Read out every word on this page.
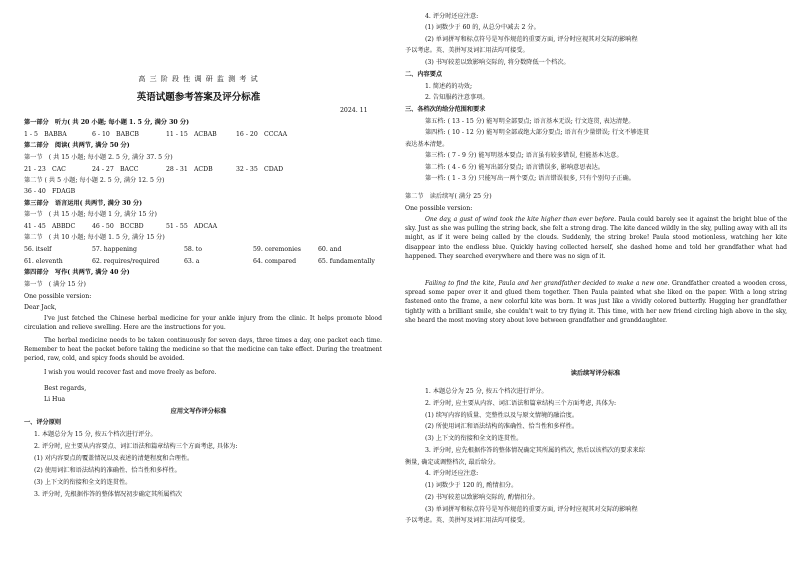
高 三 阶 段 性 调 研 监 测 考 试
英语试题参考答案及评分标准
2024. 11
第一部分　听力( 共 20 小题; 每小题 1. 5 分, 满分 30 分)
1 - 5　BABBA	6 - 10　BABCB	11 - 15　ACBAB	16 - 20　CCCAA
第二部分　阅读( 共两节, 满分 50 分)
第一节　( 共 15 小题; 每小题 2. 5 分, 满分 37. 5 分)
21 - 23　CAC	24 - 27　BACC	28 - 31　ACDB	32 - 35　CDAD
第二节 ( 共 5 小题; 每小题 2. 5 分, 满分 12. 5 分)
36 - 40　FDAGB
第三部分　语言运用( 共两节, 满分 30 分)
第一节　( 共 15 小题; 每小题 1 分, 满分 15 分)
41 - 45　ABBDC	46 - 50　BCCBD	51 - 55　ADCAA
第二节　( 共 10 小题; 每小题 1. 5 分, 满分 15 分)
56. itself	57. happening	58. to	59. ceremonies	60. and
61. eleventh	62. requires/required	63. a	64. compared	65. fundamentally
第四部分　写作( 共两节, 满分 40 分)
第一节　( 满分 15 分)
One possible version:
Dear Jack,
I've just fetched the Chinese herbal medicine for your ankle injury from the clinic. It helps promote blood circulation and relieve swelling. Here are the instructions for you.
The herbal medicine needs to be taken continuously for seven days, three times a day, one packet each time. Remember to heat the packet before taking the medicine so that the medicine can take effect. During the treatment period, raw, cold, and spicy foods should be avoided.
I wish you would recover fast and move freely as before.
Best regards,
Li Hua
应用文写作评分标准
一、评分原则
1. 本题总分为 15 分, 按五个档次进行评分。
2. 评分时, 应主要从内容要点、词汇语法和篇章结构三个方面考虑, 具体为:
(1) 对内容要点的覆盖情况以及表述的清楚程度和合理性。
(2) 使用词汇和语法结构的准确性、恰当性和多样性。
(3) 上下文的衔接和全文的连贯性。
3. 评分时, 先根据作答的整体情况初步确定其所属档次
4. 评分时还应注意:
(1) 词数少于 60 的, 从总分中减去 2 分。
(2) 单词拼写和标点符号是写作规范的重要方面, 评分时应视其对交际的影响程
予以考虑。英、美拼写及词汇用法均可接受。
(3) 书写较差以致影响交际的, 将分数降低一个档次。
二、内容要点
1. 简述药的功效;
2. 告知服药注意事项。
三、各档次的给分范围和要求
第五档: ( 13 - 15 分) 能写明全部要点; 语言基本无误; 行文连贯, 表达清楚。
第四档: ( 10 - 12 分) 能写明全部或绝大部分要点; 语言有少量错误; 行文不够连贯
表达基本清楚。
第三档: ( 7 - 9 分) 能写明基本要点; 语言虽有较多错误, 但能基本达意。
第二档: ( 4 - 6 分) 能写出部分要点; 语言错误多, 影响意思表达。
第一档: ( 1 - 3 分) 只能写出一两个要点; 语言错误很多, 只有个别句子正确。
第二节　读后续写( 满分 25 分)
One possible version:
One day, a gust of wind took the kite higher than ever before. Paula could barely see it against the bright blue of the sky. Just as she was pulling the string back, she felt a strong drag. The kite danced wildly in the sky, pulling away with all its might, as if it were being called by the clouds. Suddenly, the string broke! Paula stood motionless, watching her kite disappear into the endless blue. Quickly having collected herself, she dashed home and told her grandfather what had happened. They searched everywhere and there was no sign of it.
Failing to find the kite, Paula and her grandfather decided to make a new one. Grandfather created a wooden cross, spread some paper over it and glued them together. Then Paula painted what she liked on the paper. With a long string fastened onto the frame, a new colorful kite was born. It was just like a vividly colored butterfly. Hugging her grandfather tightly with a brilliant smile, she couldn't wait to try flying it. This time, with her new friend circling high above in the sky, she heard the most moving story about love between grandfather and granddaughter.
读后续写评分标准
1. 本题总分为 25 分, 按五个档次进行评分。
2. 评分时, 应主要从内容、词汇语法和篇章结构三个方面考虑, 具体为:
(1) 续写内容的质量、完整性以及与原文情境的融洽度。
(2) 所使用词汇和语法结构的准确性、恰当性和多样性。
(3) 上下文的衔接和全文的连贯性。
3. 评分时, 应先根据作答的整体情况确定其所属的档次, 然后以该档次的要求来综
衡量, 确定或调整档次, 最后给分。
4. 评分时还应注意:
(1) 词数少于 120 的, 酌情扣分。
(2) 书写较差以致影响交际的, 酌情扣分。
(3) 单词拼写和标点符号是写作规范的重要方面, 评分时应视其对交际的影响程
予以考虑。英、美拼写及词汇用法均可接受。
